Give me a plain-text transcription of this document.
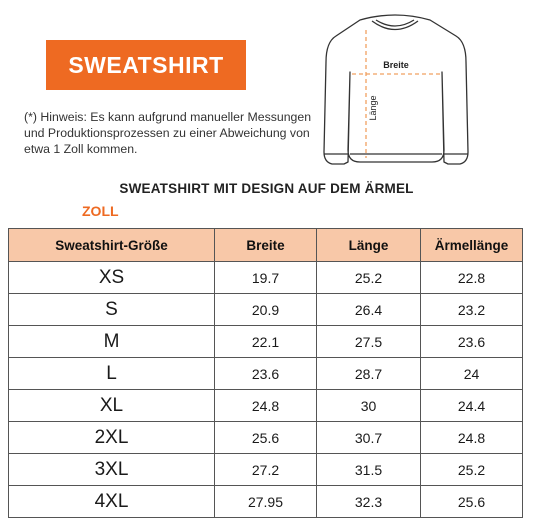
SWEATSHIRT
(*) Hinweis: Es kann aufgrund manueller Messungen und Produktionsprozessen zu einer Abweichung von etwa 1 Zoll kommen.
Breite
Länge
SWEATSHIRT MIT DESIGN AUF DEM ÄRMEL
ZOLL
Sweatshirt-Größe	Breite	Länge	Ärmellänge
XS	19.7	25.2	22.8
S	20.9	26.4	23.2
M	22.1	27.5	23.6
L	23.6	28.7	24
XL	24.8	30	24.4
2XL	25.6	30.7	24.8
3XL	27.2	31.5	25.2
4XL	27.95	32.3	25.6
